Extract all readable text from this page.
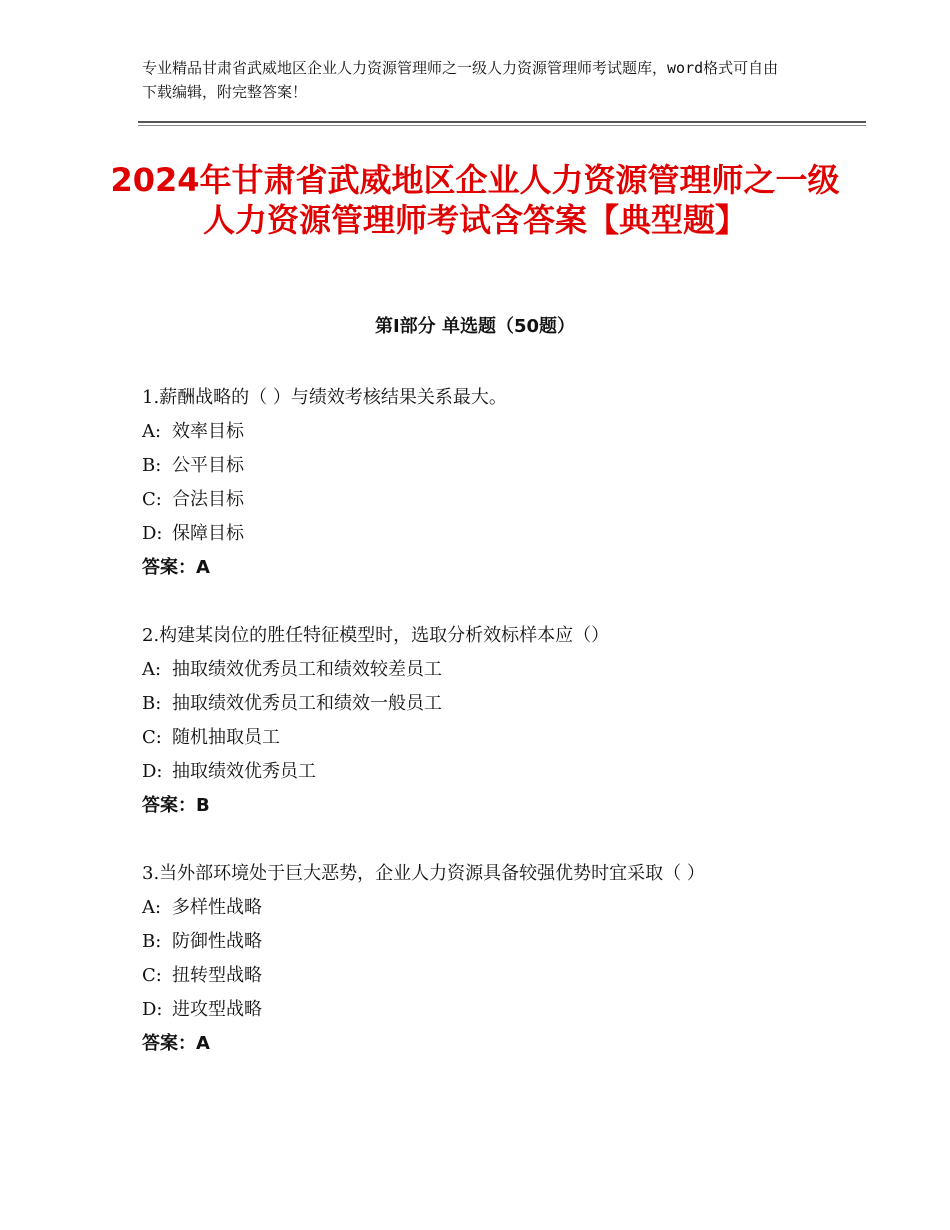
专业精品甘肃省武威地区企业人力资源管理师之一级人力资源管理师考试题库，word格式可自由下载编辑，附完整答案！
2024年甘肃省武威地区企业人力资源管理师之一级人力资源管理师考试含答案【典型题】
第Ⅰ部分 单选题（50题）

1.薪酬战略的（ ）与绩效考核结果关系最大。

A: 效率目标

B: 公平目标

C: 合法目标

D: 保障目标

答案：A

2.构建某岗位的胜任特征模型时，选取分析效标样本应（）

A: 抽取绩效优秀员工和绩效较差员工

B: 抽取绩效优秀员工和绩效一般员工

C: 随机抽取员工

D: 抽取绩效优秀员工

答案：B

3.当外部环境处于巨大恶势，企业人力资源具备较强优势时宜采取（ ）

A: 多样性战略

B: 防御性战略

C: 扭转型战略

D: 进攻型战略

答案：A
